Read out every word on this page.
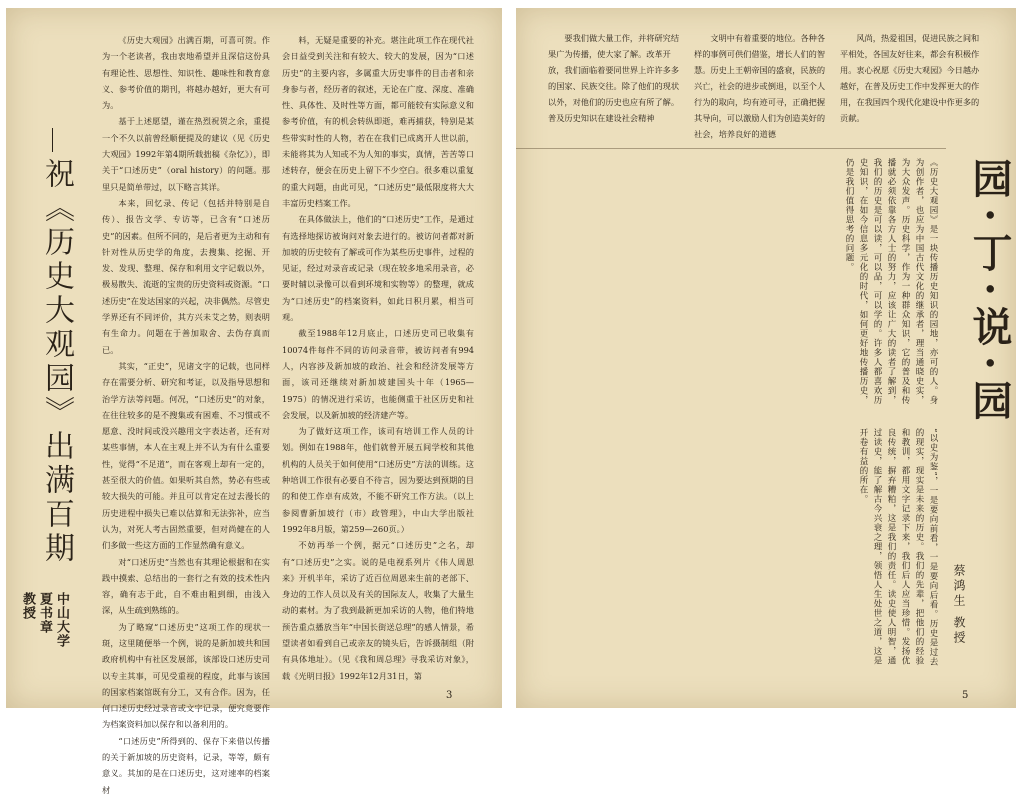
祝《历史大观园》出满百期
教授 夏书章 中山大学

《历史大观园》出满百期，可喜可贺。作为一个老读者，我由衷地希望并且深信这份具有理论性、思想性、知识性、趣味性和教育意义、参考价值的期刊，将越办越好，更大有可为。

基于上述愿望，谨在热烈祝贺之余，重提一个不久以前曾经顺便提及的建议（见《历史大观园》1992年第4期所载拙稿《杂忆》），即关于“口述历史”（oral history）的问题。那里只是简单带过，以下略言其详。

本来，回忆录、传记（包括并特别是自传）、报告文学、专访等，已含有“口述历史”的因素。但所不同的，是后者更为主动和有针对性从历史学的角度，去搜集、挖掘、开发、发现、整理、保存和利用文字记载以外，极易散失、流逝的宝贵的历史资料或资源。“口述历史”在发达国家的兴起，决非偶然。尽管史学界还有不同评价，其方兴未艾之势，则表明有生命力。问题在于善加取舍、去伪存真而已。

其实，“正史”，见诸文字的记载，也同样存在需要分析、研究和考证，以及指导思想和治学方法等问题。何况，“口述历史”的对象，在往往较多的是不搜集或有困难、不习惯或不愿意、没时间或没兴趣用文字表达者，还有对某些事情，本人在主观上并不认为有什么重要性，觉得“不足道”，而在客观上却有一定的，甚至很大的价值。如果听其自然，势必有些或较大损失的可能。并且可以肯定在过去漫长的历史进程中损失已难以估算和无法弥补，应当认为，对死人考古固然重要，但对尚健在的人们多做一些这方面的工作显然确有意义。

对“口述历史”当然也有其理论根据和在实践中摸索、总结出的一套行之有效的技术性内容，确有志于此，自不难由粗到细，由浅入深，从生疏到熟练的。

为了略窥“口述历史”这项工作的现状一斑，这里随便举一个例，说的是新加坡共和国政府机构中有社区发展部，该部设口述历史司以专主其事，可见受重视的程度，此事与该国的国家档案馆既有分工，又有合作。因为，任何口述历史经过录音或文字记录，便究竟要作为档案资料加以保存和以备利用的。

“口述历史”所得到的、保存下来借以传播的关于新加坡的历史资料，记录，等等，颇有意义。其加的是在口述历史，这对速率的档案材

料，无疑是重要的补充。堪注此项工作在现代社会日益受到关注和有较大、较大的发展，因为“口述历史”的主要内容，多属重大历史事件的目击者和亲身参与者，经历者的叙述，无论在广度、深度、准确性、具体性、及时性等方面，都可能较有实际意义和参考价值，有的机会转纵即逝，难再捕获，特别是某些带实时性的人物，若在在我们已成离开人世以前，未能将其为人知或不为人知的事实，真情，苦苦等口述转存，便会在历史上留下不少空白。很多难以重复的重大问题，由此可见，“口述历史”最低限度将大大丰富历史档案工作。

在具体做法上，他们的“口述历史”工作，是通过有选择地探访被询问对象去进行的。被访问者都对新加坡的历史较有了解或可作为某些历史事件，过程的见证，经过对录音或记录（现在较多地采用录音，必要时辅以录像可以看到环境和实物等）的整理，就成为“口述历史”的档案资料，如此日积月累，相当可观。

截至1988年12月底止，口述历史司已收集有10074件每件不同的访问录音带，被访问者有994人，内容涉及新加坡的政治、社会和经济发展等方面，该司还继续对新加坡建国头十年（1965—1975）的情况进行采访，也能侧重于社区历史和社会发展，以及新加坡的经济建产等。

为了做好这项工作，该司有培训工作人员的计划。例如在1988年，他们就曾开展五间学校和其他机构的人员关于如何使用“口述历史”方法的训练。这种培训工作很有必要自不待言，因为要达到预期的目的和使工作卓有成效，不能不研究工作方法。（以上参阅曹新加坡行（市）政管理》，中山大学出版社1992年8月版，第259—260页。）

不妨再举一个例，据元“口述历史”之名，却有“口述历史”之实。说的是电视系列片《伟人周恩来》开机半年，采访了近百位周恩来生前的老部下、身边的工作人员以及有关的国际友人，收集了大量生动的素材。为了我到最新更加采访的人物，他们特地预告重点播放当年“中国长街送总理”的感人情景，希望读者如看到自己或亲友的镜头后，告诉摄制组（附有具体地址）。（见《我和周总理》寻我采访对象》，载《光明日报》1992年12月31日，第

3

要我们做大量工作，并将研究结果广为传播，使大家了解。改革开放，我们面临着要同世界上许许多多的国家、民族交往。除了他们的现状以外，对他们的历史也应有所了解。普及历史知识在建设社会精神

文明中有着重要的地位。各种各样的事例可供们借鉴，增长人们的智慧。历史上王朝帝国的盛衰，民族的兴亡，社会的进步或倒退，以至个人行为的取向，均有迹可寻，正确把握其导向，可以激励人们为创造美好的社会，培养良好的道德

风尚，热爱祖国，促进民族之间和平相处，各国友好往来，都会有积极作用。衷心祝愿《历史大观园》今日越办越好，在普及历史工作中发挥更大的作用，在我国四个现代化建设中作更多的贡献。

《历史大观园》是一块传播历史知识的园地，亦可的人。身为创作者，也应为中国古代文化的继承者，理当通晓史实，为大众发声。历史科学，作为一种群众知识，它的普及和传播就必须依靠各方人士的努力，应该让广大的读者了解到，我们的历史是可以读，可以品，可以学的。许多人都喜欢历史知识，在如今信息多元化的时代，如何更好地传播历史，仍是我们值得思考的问题。
“以史为鉴”，一是要向前看，一是要向后看。历史是过去的现实，现实是未来的历史。我们的先辈，把他们的经验和教训，都用文字记录下来，我们后人应当珍惜。发扬优良传统，摒弃糟粕，这是我们的责任。读史使人明智，通过读史，能了解古今兴衰之理，领悟人生处世之道，这是开卷有益的所在。
园·丁·说·园
蔡鸿生 教授
5
